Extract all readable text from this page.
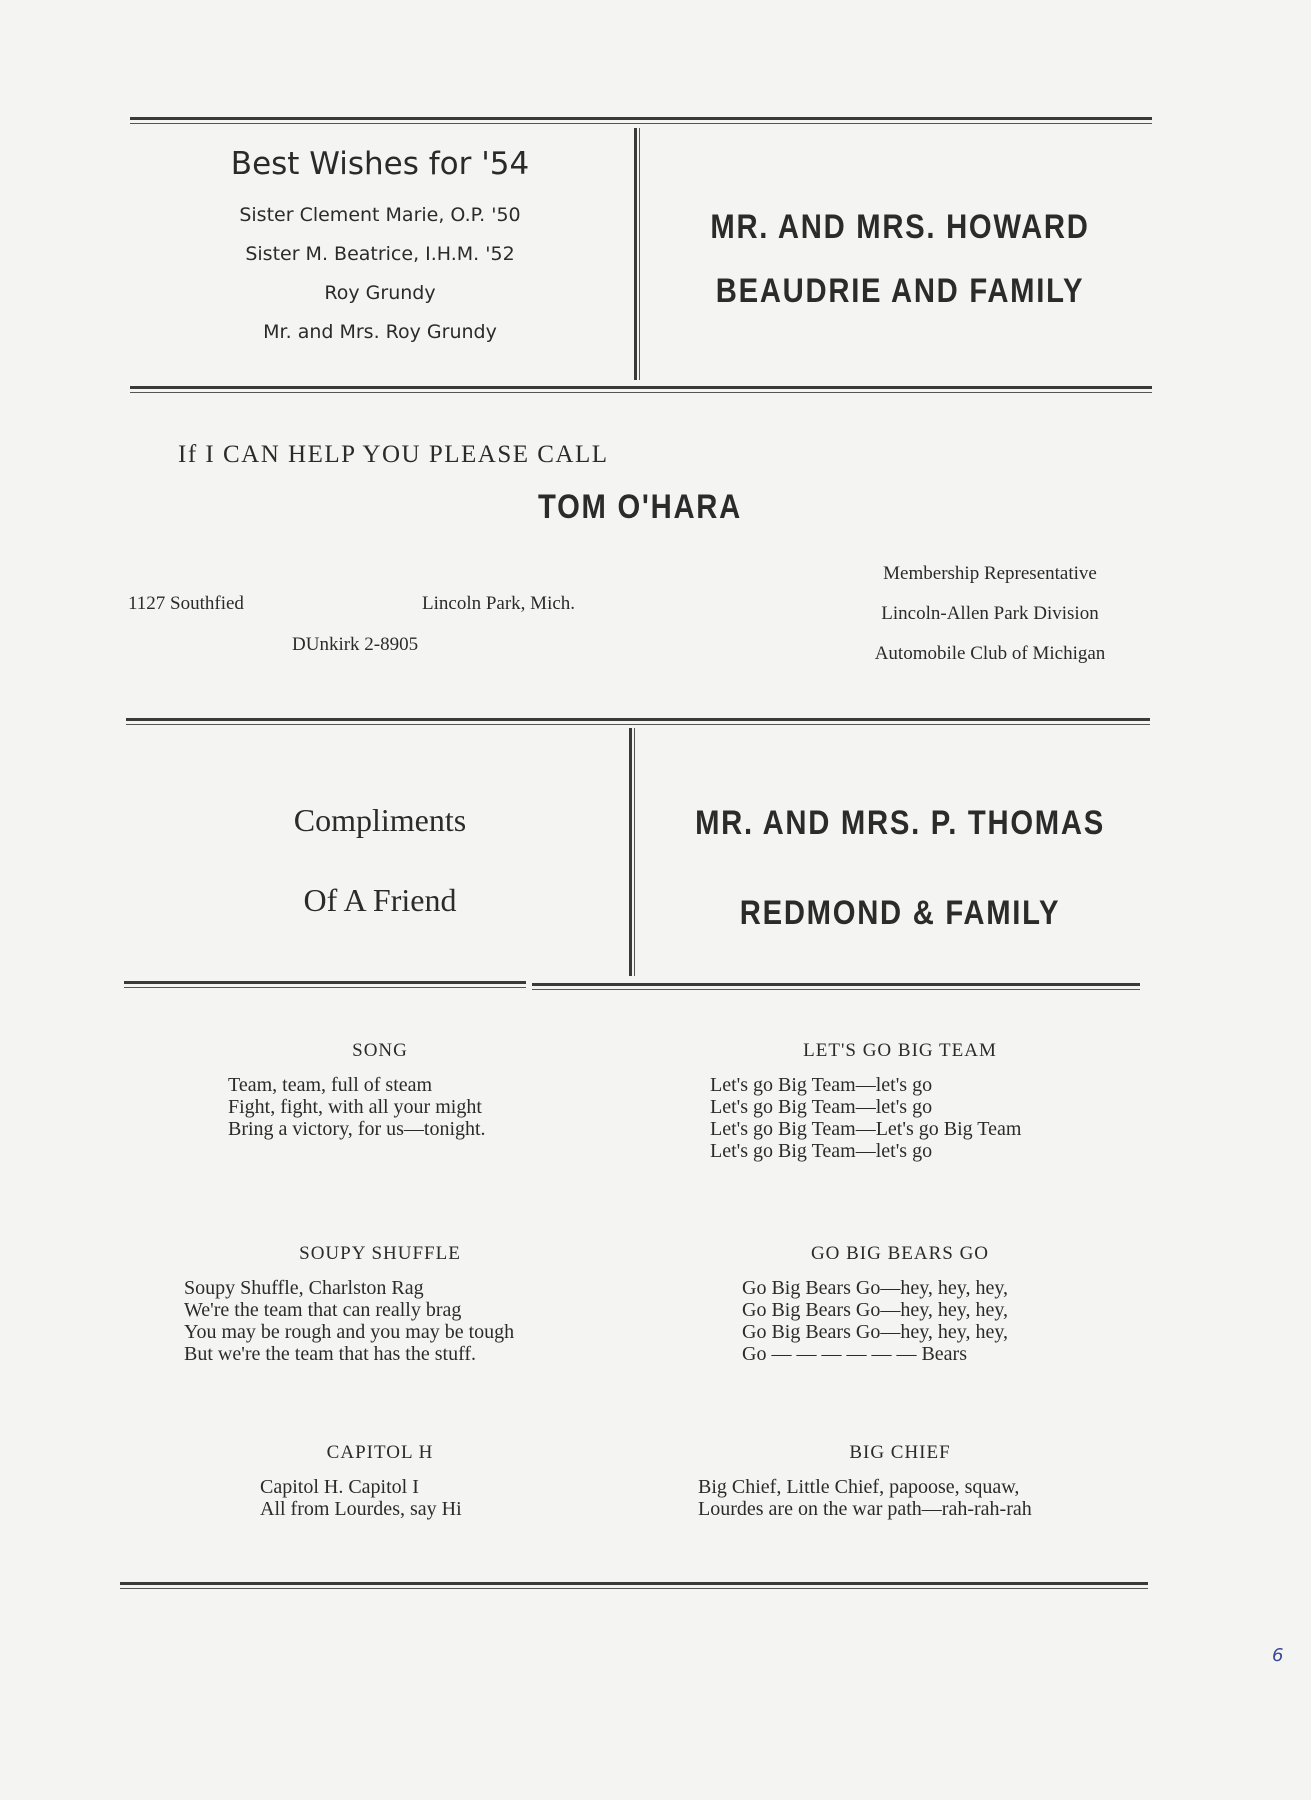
Best Wishes for '54
Sister Clement Marie, O.P. '50
Sister M. Beatrice, I.H.M. '52
Roy Grundy
Mr. and Mrs. Roy Grundy
MR. AND MRS. HOWARD
BEAUDRIE AND FAMILY
If I CAN HELP YOU PLEASE CALL
TOM O'HARA
1127 Southfied	Lincoln Park, Mich.
DUnkirk 2-8905
Membership Representative
Lincoln-Allen Park Division
Automobile Club of Michigan
Compliments
Of A Friend
MR. AND MRS. P. THOMAS
REDMOND & FAMILY
SONG
Team, team, full of steam
Fight, fight, with all your might
Bring a victory, for us—tonight.
LET'S GO BIG TEAM
Let's go Big Team—let's go
Let's go Big Team—let's go
Let's go Big Team—Let's go Big Team
Let's go Big Team—let's go
SOUPY SHUFFLE
Soupy Shuffle, Charlston Rag
We're the team that can really brag
You may be rough and you may be tough
But we're the team that has the stuff.
GO BIG BEARS GO
Go Big Bears Go—hey, hey, hey,
Go Big Bears Go—hey, hey, hey,
Go Big Bears Go—hey, hey, hey,
Go — — — — — — Bears
CAPITOL H
Capitol H. Capitol I
All from Lourdes, say Hi
BIG CHIEF
Big Chief, Little Chief, papoose, squaw,
Lourdes are on the war path—rah-rah-rah
6
